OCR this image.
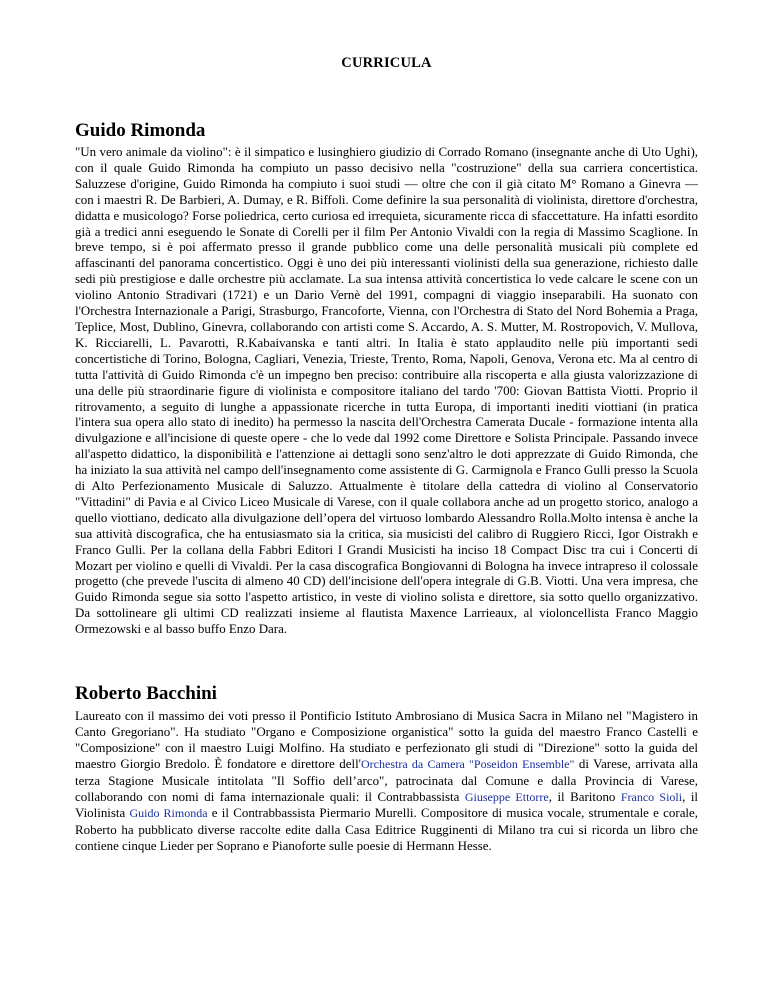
CURRICULA
Guido Rimonda

"Un vero animale da violino": è il simpatico e lusinghiero giudizio di Corrado Romano (insegnante anche di Uto Ughi), con il quale Guido Rimonda ha compiuto un passo decisivo nella "costruzione" della sua carriera concertistica. Saluzzese d'origine, Guido Rimonda ha compiuto i suoi studi — oltre che con il già citato M° Romano a Ginevra — con i maestri R. De Barbieri, A. Dumay, e R. Biffoli. Come definire la sua personalità di violinista, direttore d'orchestra, didatta e musicologo? Forse poliedrica, certo curiosa ed irrequieta, sicuramente ricca di sfaccettature. Ha infatti esordito già a tredici anni eseguendo le Sonate di Corelli per il film Per Antonio Vivaldi con la regia di Massimo Scaglione. In breve tempo, si è poi affermato presso il grande pubblico come una delle personalità musicali più complete ed affascinanti del panorama concertistico. Oggi è uno dei più interessanti violinisti della sua generazione, richiesto dalle sedi più prestigiose e dalle orchestre più acclamate. La sua intensa attività concertistica lo vede calcare le scene con un violino Antonio Stradivari (1721) e un Dario Vernè del 1991, compagni di viaggio inseparabili. Ha suonato con l'Orchestra Internazionale a Parigi, Strasburgo, Francoforte, Vienna, con l'Orchestra di Stato del Nord Bohemia a Praga, Teplice, Most, Dublino, Ginevra, collaborando con artisti come S. Accardo, A. S. Mutter, M. Rostropovich, V. Mullova, K. Ricciarelli, L. Pavarotti, R.Kabaivanska e tanti altri. In Italia è stato applaudito nelle più importanti sedi concertistiche di Torino, Bologna, Cagliari, Venezia, Trieste, Trento, Roma, Napoli, Genova, Verona etc. Ma al centro di tutta l'attività di Guido Rimonda c'è un impegno ben preciso: contribuire alla riscoperta e alla giusta valorizzazione di una delle più straordinarie figure di violinista e compositore italiano del tardo '700: Giovan Battista Viotti. Proprio il ritrovamento, a seguito di lunghe a appassionate ricerche in tutta Europa, di importanti inediti viottiani (in pratica l'intera sua opera allo stato di inedito) ha permesso la nascita dell'Orchestra Camerata Ducale - formazione intenta alla divulgazione e all'incisione di queste opere - che lo vede dal 1992 come Direttore e Solista Principale. Passando invece all'aspetto didattico, la disponibilità e l'attenzione ai dettagli sono senz'altro le doti apprezzate di Guido Rimonda, che ha iniziato la sua attività nel campo dell'insegnamento come assistente di G. Carmignola e Franco Gulli presso la Scuola di Alto Perfezionamento Musicale di Saluzzo. Attualmente è titolare della cattedra di violino al Conservatorio "Vittadini" di Pavia e al Civico Liceo Musicale di Varese, con il quale collabora anche ad un progetto storico, analogo a quello viottiano, dedicato alla divulgazione dell’opera del virtuoso lombardo Alessandro Rolla.Molto intensa è anche la sua attività discografica, che ha entusiasmato sia la critica, sia musicisti del calibro di Ruggiero Ricci, Igor Oistrakh e Franco Gulli. Per la collana della Fabbri Editori I Grandi Musicisti ha inciso 18 Compact Disc tra cui i Concerti di Mozart per violino e quelli di Vivaldi. Per la casa discografica Bongiovanni di Bologna ha invece intrapreso il colossale progetto (che prevede l'uscita di almeno 40 CD) dell'incisione dell'opera integrale di G.B. Viotti. Una vera impresa, che Guido Rimonda segue sia sotto l'aspetto artistico, in veste di violino solista e direttore, sia sotto quello organizzativo. Da sottolineare gli ultimi CD realizzati insieme al flautista Maxence Larrieaux, al violoncellista Franco Maggio Ormezowski e al basso buffo Enzo Dara.

Roberto Bacchini

Laureato con il massimo dei voti presso il Pontificio Istituto Ambrosiano di Musica Sacra in Milano nel "Magistero in Canto Gregoriano". Ha studiato "Organo e Composizione organistica" sotto la guida del maestro Franco Castelli e "Composizione" con il maestro Luigi Molfino. Ha studiato e perfezionato gli studi di "Direzione" sotto la guida del maestro Giorgio Bredolo. È fondatore e direttore dell'Orchestra da Camera "Poseidon Ensemble" di Varese, arrivata alla terza Stagione Musicale intitolata "Il Soffio dell’arco", patrocinata dal Comune e dalla Provincia di Varese, collaborando con nomi di fama internazionale quali: il Contrabbassista Giuseppe Ettorre, il Baritono Franco Sioli, il Violinista Guido Rimonda e il Contrabbassista Piermario Murelli. Compositore di musica vocale, strumentale e corale, Roberto ha pubblicato diverse raccolte edite dalla Casa Editrice Rugginenti di Milano tra cui si ricorda un libro che contiene cinque Lieder per Soprano e Pianoforte sulle poesie di Hermann Hesse.
